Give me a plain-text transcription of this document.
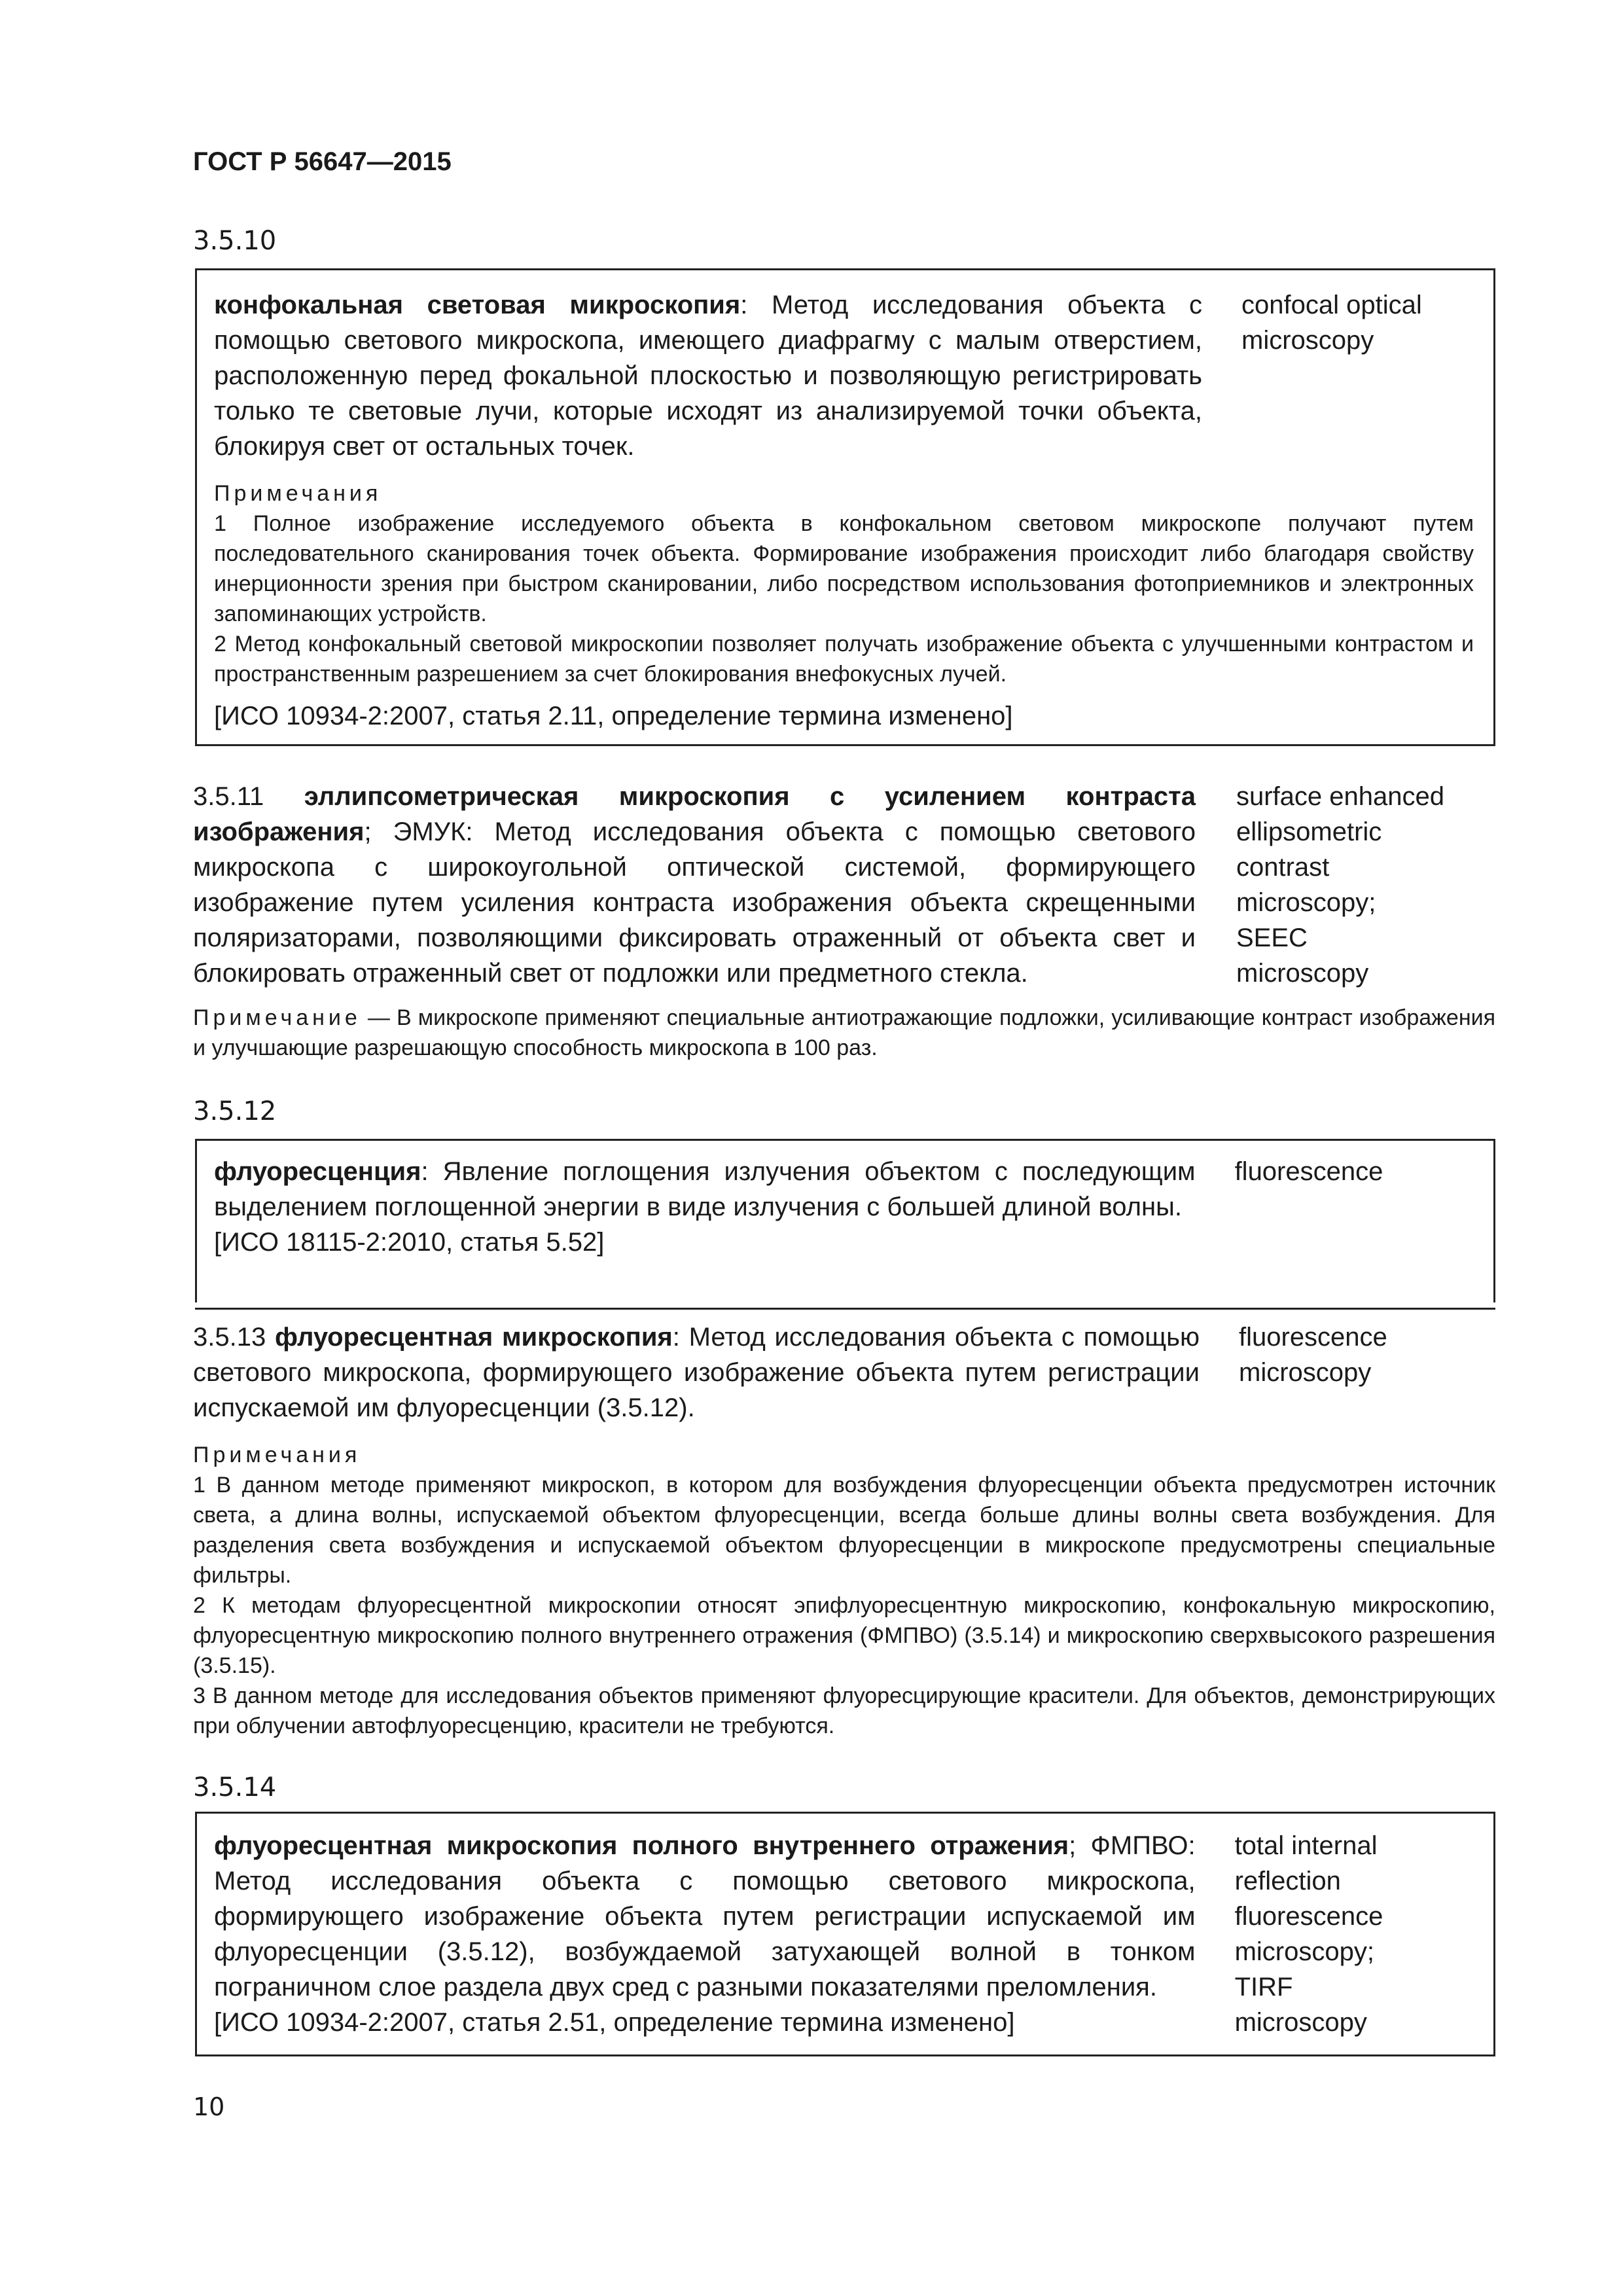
ГОСТ Р 56647—2015
3.5.10
конфокальная световая микроскопия: Метод исследования объекта с помощью светового микроскопа, имеющего диафрагму с малым отверстием, расположенную перед фокальной плоскостью и позволяющую регистрировать только те световые лучи, которые исходят из анализируемой точки объекта, блокируя свет от остальных точек.
confocal optical microscopy
Примечания
1 Полное изображение исследуемого объекта в конфокальном световом микроскопе получают путем последовательного сканирования точек объекта. Формирование изображения происходит либо благодаря свойству инерционности зрения при быстром сканировании, либо посредством использования фотоприемников и электронных запоминающих устройств.
2 Метод конфокальный световой микроскопии позволяет получать изображение объекта с улучшенными контрастом и пространственным разрешением за счет блокирования внефокусных лучей.
[ИСО 10934-2:2007, статья 2.11, определение термина изменено]
3.5.11 эллипсометрическая микроскопия с усилением контраста изображения; ЭМУК: Метод исследования объекта с помощью светового микроскопа с широкоугольной оптической системой, формирующего изображение путем усиления контраста изображения объекта скрещенными поляризаторами, позволяющими фиксировать отраженный от объекта свет и блокировать отраженный свет от подложки или предметного стекла.
surface enhanced
ellipsometric
contrast
microscopy;
SEEC
microscopy
Примечание — В микроскопе применяют специальные антиотражающие подложки, усиливающие контраст изображения и улучшающие разрешающую способность микроскопа в 100 раз.
3.5.12
флуоресценция: Явление поглощения излучения объектом с последующим выделением поглощенной энергии в виде излучения с большей длиной волны.
[ИСО 18115-2:2010, статья 5.52]
fluorescence
3.5.13 флуоресцентная микроскопия: Метод исследования объекта с помощью светового микроскопа, формирующего изображение объекта путем регистрации испускаемой им флуоресценции (3.5.12).
fluorescence microscopy
Примечания
1 В данном методе применяют микроскоп, в котором для возбуждения флуоресценции объекта предусмотрен источник света, а длина волны, испускаемой объектом флуоресценции, всегда больше длины волны света возбуждения. Для разделения света возбуждения и испускаемой объектом флуоресценции в микроскопе предусмотрены специальные фильтры.
2 К методам флуоресцентной микроскопии относят эпифлуоресцентную микроскопию, конфокальную микроскопию, флуоресцентную микроскопию полного внутреннего отражения (ФМПВО) (3.5.14) и микроскопию сверхвысокого разрешения (3.5.15).
3 В данном методе для исследования объектов применяют флуоресцирующие красители. Для объектов, демонстрирующих при облучении автофлуоресценцию, красители не требуются.
3.5.14
флуоресцентная микроскопия полного внутреннего отражения; ФМПВО: Метод исследования объекта с помощью светового микроскопа, формирующего изображение объекта путем регистрации испускаемой им флуоресценции (3.5.12), возбуждаемой затухающей волной в тонком пограничном слое раздела двух сред с разными показателями преломления.
[ИСО 10934-2:2007, статья 2.51, определение термина изменено]
total internal
reflection
fluorescence
microscopy;
TIRF
microscopy
10
